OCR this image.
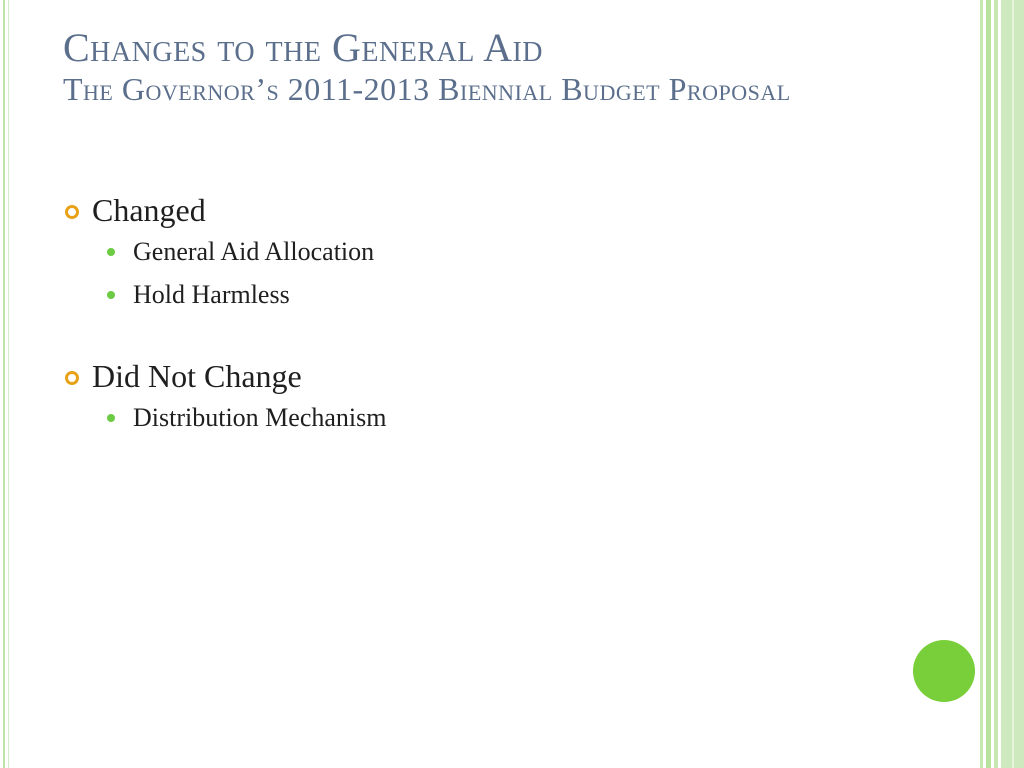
Changes to the General Aid
The Governor’s 2011-2013 Biennial Budget Proposal
Changed
General Aid Allocation
Hold Harmless
Did Not Change
Distribution Mechanism
